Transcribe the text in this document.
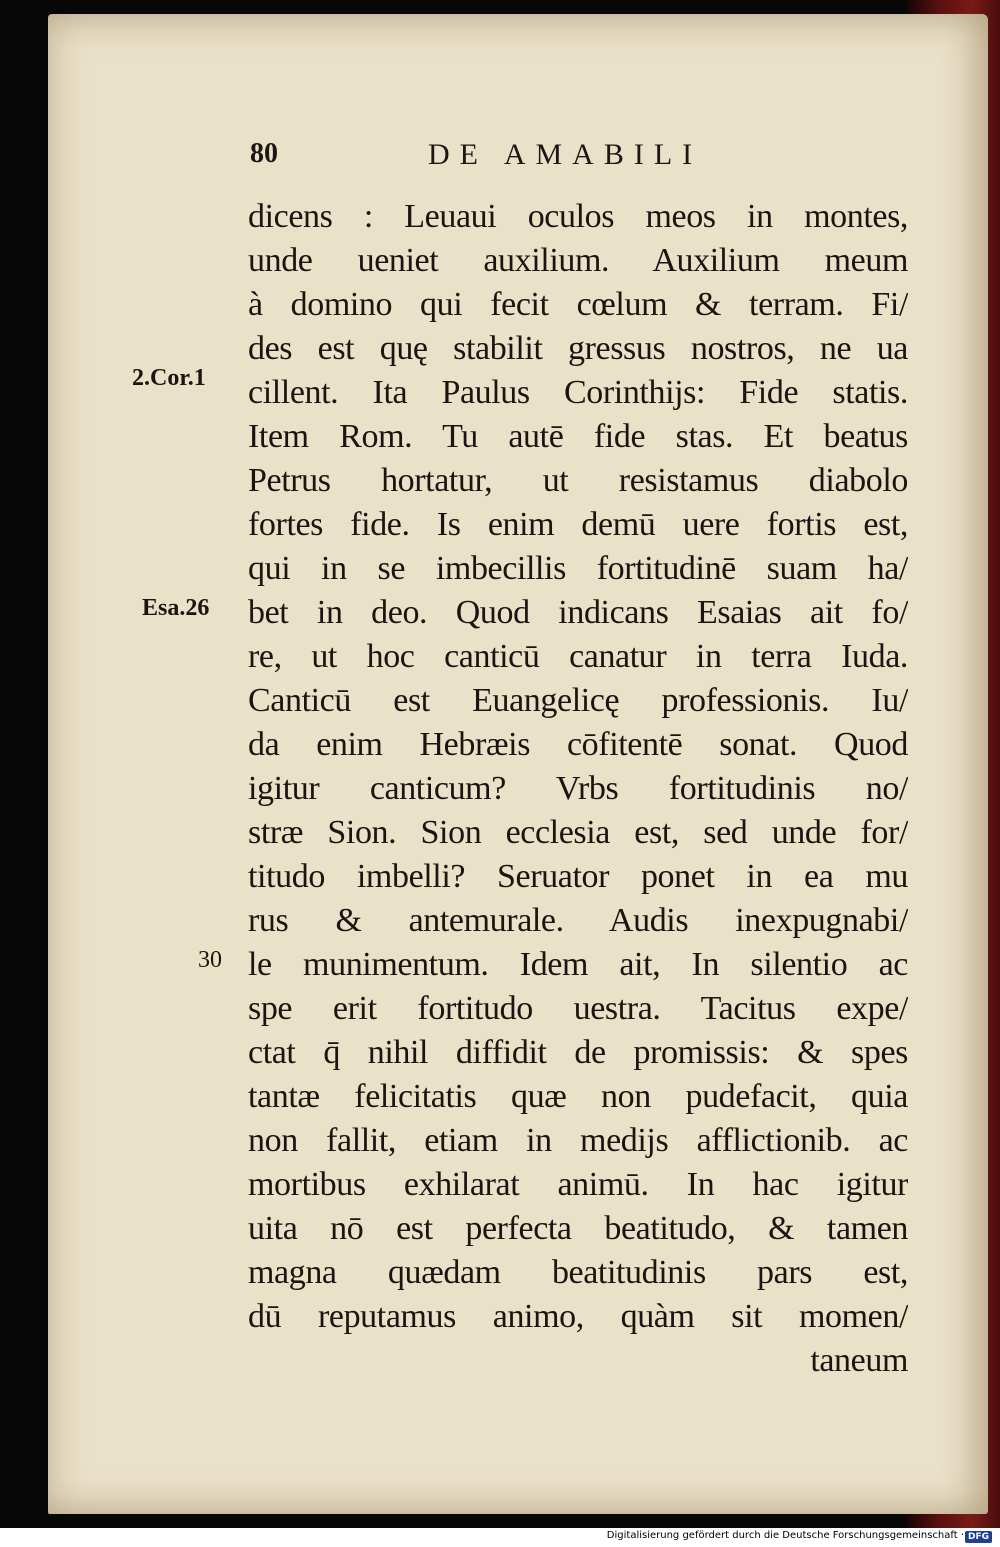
80	DE AMABILI
dicens : Leuaui oculos meos in montes,
unde ueniet auxilium. Auxilium meum
à domino qui fecit cœlum & terram. Fi/
des est quę stabilit gressus nostros, ne ua
cillent. Ita Paulus Corinthijs: Fide statis.
Item Rom. Tu autē fide stas. Et beatus
Petrus hortatur, ut resistamus diabolo
fortes fide. Is enim demū uere fortis est,
qui in se imbecillis fortitudinē suam ha/
bet in deo. Quod indicans Esaias ait fo/
re, ut hoc canticū canatur in terra Iuda.
Canticū est Euangelicę professionis. Iu/
da enim Hebræis cōfitentē sonat. Quod
igitur canticum? Vrbs fortitudinis no/
stræ Sion. Sion ecclesia est, sed unde for/
titudo imbelli? Seruator ponet in ea mu
rus & antemurale. Audis inexpugnabi/
le munimentum. Idem ait, In silentio ac
spe erit fortitudo uestra. Tacitus expe/
ctat q̄ nihil diffidit de promissis: & spes
tantæ felicitatis quæ non pudefacit, quia
non fallit, etiam in medijs afflictionib. ac
mortibus exhilarat animū. In hac igitur
uita nō est perfecta beatitudo, & tamen
magna quædam beatitudinis pars est,
dū reputamus animo, quàm sit momen/
taneum
2.Cor.1
Esa.26
30
Digitalisierung gefördert durch die Deutsche Forschungsgemeinschaft · DFG
